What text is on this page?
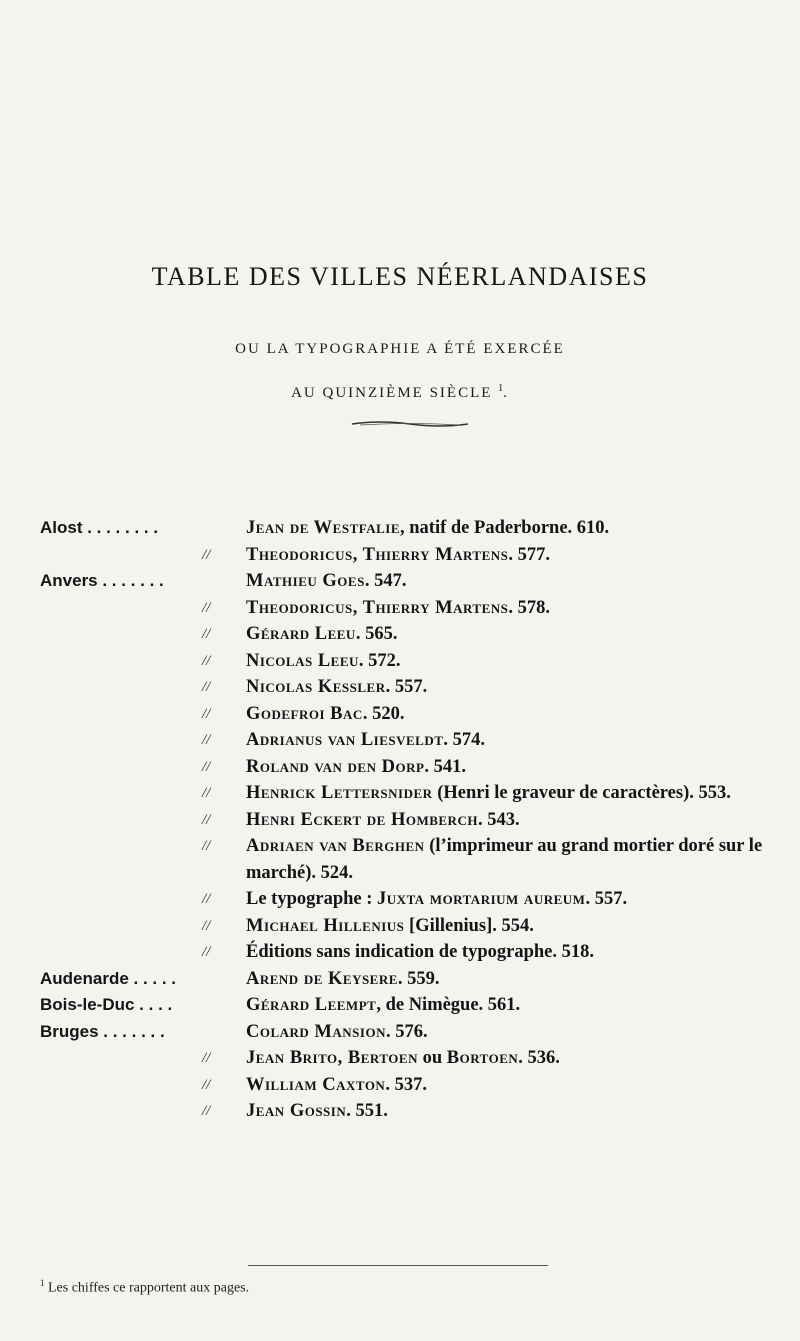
TABLE DES VILLES NÉERLANDAISES
OU LA TYPOGRAPHIE A ÉTÉ EXERCÉE
AU QUINZIÈME SIÈCLE $^1$.
Alost . . . . . . . .	Jean de Westfalie, natif de Paderborne. 610.
//	Theodoricus, Thierry Martens. 577.
Anvers . . . . . . .	Mathieu Goes. 547.
//	Theodoricus, Thierry Martens. 578.
//	Gérard Leeu. 565.
//	Nicolas Leeu. 572.
//	Nicolas Kessler. 557.
//	Godefroi Bac. 520.
//	Adrianus van Liesveldt. 574.
//	Roland van den Dorp. 541.
//	Henrick Lettersnider (Henri le graveur de caractères). 553.
//	Henri Eckert de Homberch. 543.
//	Adriaen van Berghen (l’imprimeur au grand mortier doré sur le marché). 524.
//	Le typographe : Juxta mortarium aureum. 557.
//	Michael Hillenius [Gillenius]. 554.
//	Éditions sans indication de typographe. 518.
Audenarde . . . . .	Arend de Keysere. 559.
Bois-le-Duc . . . .	Gérard Leempt, de Nimègue. 561.
Bruges . . . . . . .	Colard Mansion. 576.
//	Jean Brito, Bertoen ou Bortoen. 536.
//	William Caxton. 537.
//	Jean Gossin. 551.
$^1$ Les chiffes ce rapportent aux pages.
